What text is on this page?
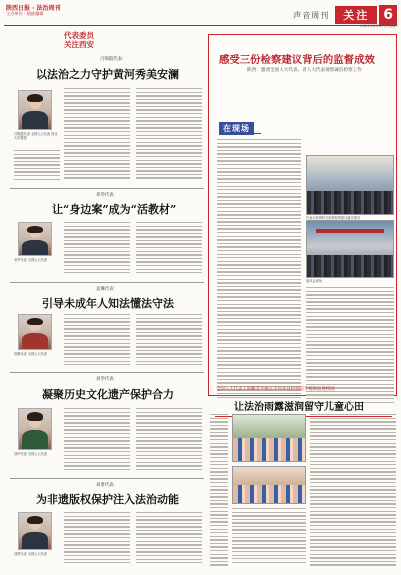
陕西日报 · 法治周刊
主办单位 · 值班编辑	声音周刊	关注	6
2024年8月20日 星期二
代表委员
关注西安
吕锦霞代表：
以法治之力守护黄河秀美安澜
吕锦霞代表 全国人大代表 西北大学教授
邓华代表：
让“身边案”成为“活教材”
邓华代表 全国人大代表
袁琳代表：
引导未成年人知法懂法守法
袁琳代表 全国人大代表
刘华代表：
凝聚历史文化遗产保护合力
刘华代表 全国人大代表
刘勇代表：
为非遗版权保护注入法治动能
刘勇代表 全国人大代表
感受三份检察建议背后的监督成效
陕西：邀请全国人大代表、省人大代表视察诚信检察工作
在现场
代表在检察机关视察检察建议落实情况
座谈会现场
全国人大代表王海鹏等手握庆市到本县检察院手塞诉讼进校园
让法治雨露滋润留守儿童心田
